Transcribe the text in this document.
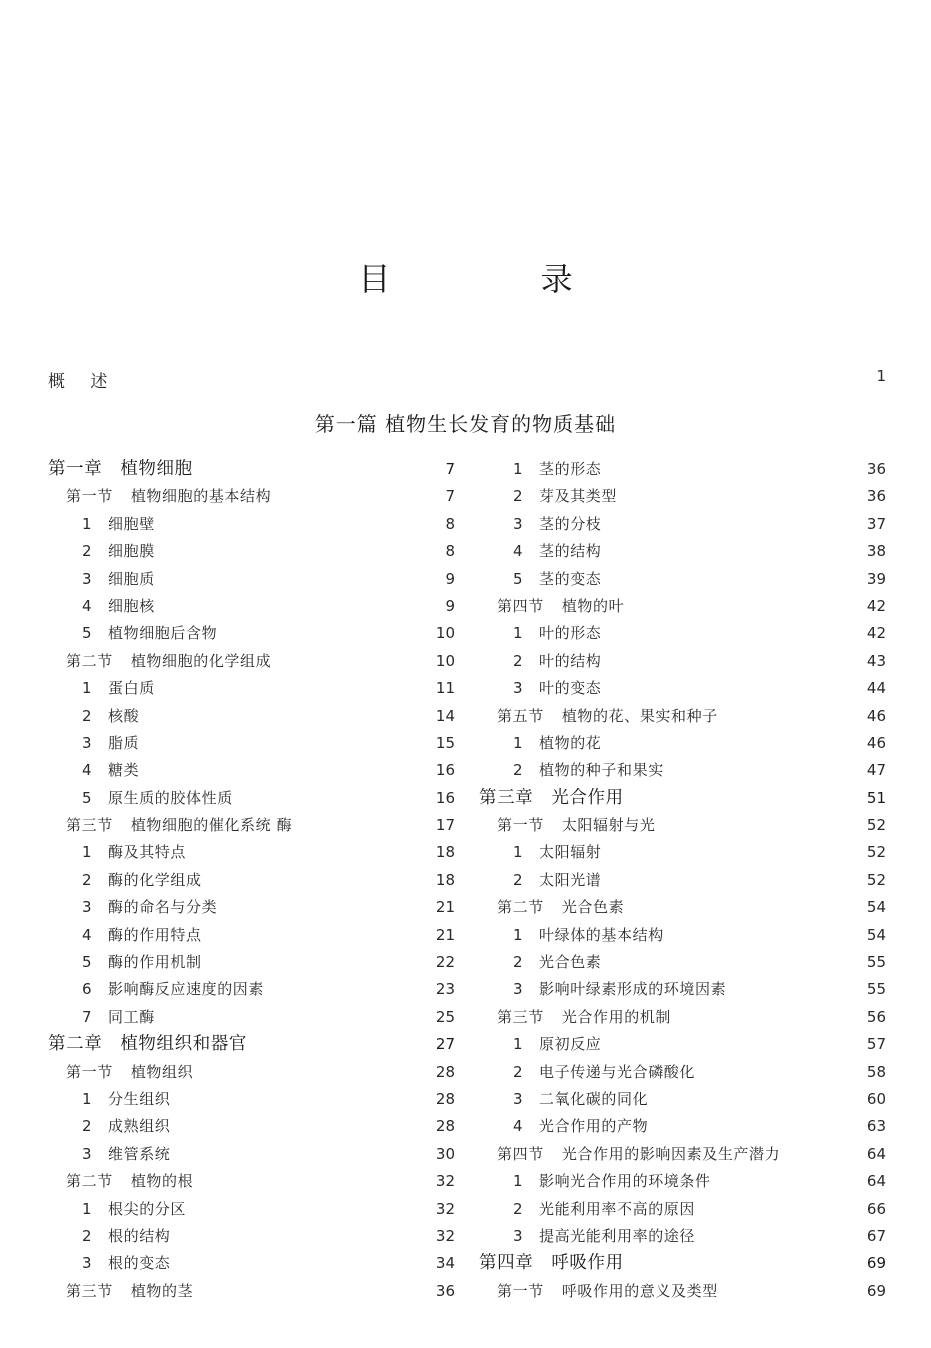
目 录
概 述	1
第一篇 植物生长发育的物质基础
第一章 植物细胞	7
第一节 植物细胞的基本结构	7
1 细胞壁	8
2 细胞膜	8
3 细胞质	9
4 细胞核	9
5 植物细胞后含物	10
第二节 植物细胞的化学组成	10
1 蛋白质	11
2 核酸	14
3 脂质	15
4 糖类	16
5 原生质的胶体性质	16
第三节 植物细胞的催化系统 酶	17
1 酶及其特点	18
2 酶的化学组成	18
3 酶的命名与分类	21
4 酶的作用特点	21
5 酶的作用机制	22
6 影响酶反应速度的因素	23
7 同工酶	25
第二章 植物组织和器官	27
第一节 植物组织	28
1 分生组织	28
2 成熟组织	28
3 维管系统	30
第二节 植物的根	32
1 根尖的分区	32
2 根的结构	32
3 根的变态	34
第三节 植物的茎	36
1 茎的形态	36
2 芽及其类型	36
3 茎的分枝	37
4 茎的结构	38
5 茎的变态	39
第四节 植物的叶	42
1 叶的形态	42
2 叶的结构	43
3 叶的变态	44
第五节 植物的花、果实和种子	46
1 植物的花	46
2 植物的种子和果实	47
第三章 光合作用	51
第一节 太阳辐射与光	52
1 太阳辐射	52
2 太阳光谱	52
第二节 光合色素	54
1 叶绿体的基本结构	54
2 光合色素	55
3 影响叶绿素形成的环境因素	55
第三节 光合作用的机制	56
1 原初反应	57
2 电子传递与光合磷酸化	58
3 二氧化碳的同化	60
4 光合作用的产物	63
第四节 光合作用的影响因素及生产潜力	64
1 影响光合作用的环境条件	64
2 光能利用率不高的原因	66
3 提高光能利用率的途径	67
第四章 呼吸作用	69
第一节 呼吸作用的意义及类型	69
